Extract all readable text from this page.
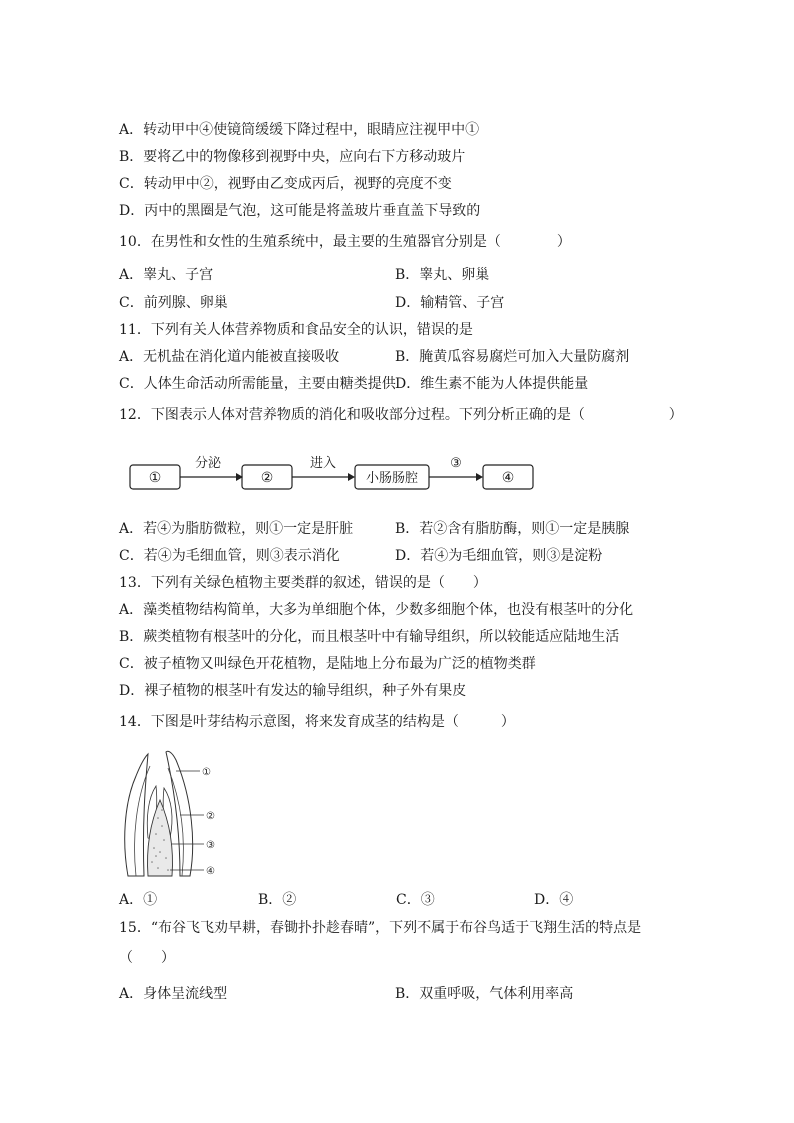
A．转动甲中④使镜筒缓缓下降过程中，眼睛应注视甲中①
B．要将乙中的物像移到视野中央，应向右下方移动玻片
C．转动甲中②，视野由乙变成丙后，视野的亮度不变
D．丙中的黑圈是气泡，这可能是将盖玻片垂直盖下导致的
10．在男性和女性的生殖系统中，最主要的生殖器官分别是（　　　　）
A．睾丸、子宫	B．睾丸、卵巢
C．前列腺、卵巢	D．输精管、子宫
11．下列有关人体营养物质和食品安全的认识，错误的是
A．无机盐在消化道内能被直接吸收	B．腌黄瓜容易腐烂可加入大量防腐剂
C．人体生命活动所需能量，主要由糖类提供 D．维生素不能为人体提供能量
12．下图表示人体对营养物质的消化和吸收部分过程。下列分析正确的是（　　　　　　）
①
分泌
②
进入
小肠肠腔
③
④
A．若④为脂肪微粒，则①一定是肝脏	B．若②含有脂肪酶，则①一定是胰腺
C．若④为毛细血管，则③表示消化	D．若④为毛细血管，则③是淀粉
13．下列有关绿色植物主要类群的叙述，错误的是（　　）
A．藻类植物结构简单，大多为单细胞个体，少数多细胞个体，也没有根茎叶的分化
B．蕨类植物有根茎叶的分化，而且根茎叶中有输导组织，所以较能适应陆地生活
C．被子植物又叫绿色开花植物，是陆地上分布最为广泛的植物类群
D．裸子植物的根茎叶有发达的输导组织，种子外有果皮
14．下图是叶芽结构示意图，将来发育成茎的结构是（　　　）
①
②
③
④
A．①	B．②	C．③	D．④
15．“布谷飞飞劝早耕，春锄扑扑趁春晴”，下列不属于布谷鸟适于飞翔生活的特点是
（　　）
A．身体呈流线型	B．双重呼吸，气体利用率高
